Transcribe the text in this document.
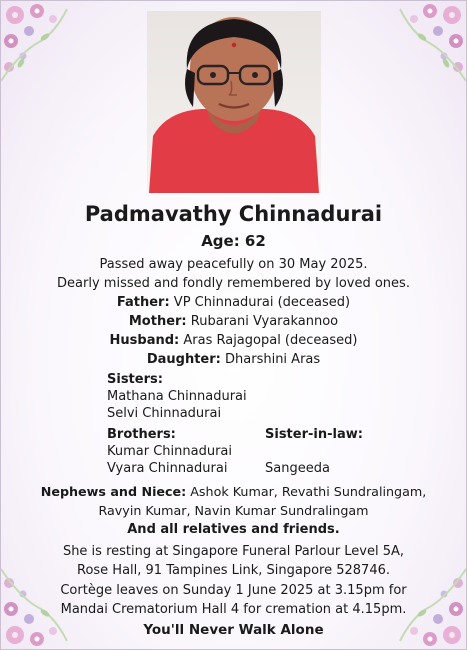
Padmavathy Chinnadurai
Age: 62
Passed away peacefully on 30 May 2025.
Dearly missed and fondly remembered by loved ones.
Father: VP Chinnadurai (deceased)
Mother: Rubarani Vyarakannoo
Husband: Aras Rajagopal (deceased)
Daughter: Dharshini Aras
Sisters:
Mathana Chinnadurai
Selvi Chinnadurai
Brothers:
Kumar Chinnadurai
Vyara Chinnadurai
Sister-in-law:
Sangeeda
Nephews and Niece: Ashok Kumar, Revathi Sundralingam,
Ravyin Kumar, Navin Kumar Sundralingam
And all relatives and friends.
She is resting at Singapore Funeral Parlour Level 5A,
Rose Hall, 91 Tampines Link, Singapore 528746.
Cortège leaves on Sunday 1 June 2025 at 3.15pm for
Mandai Crematorium Hall 4 for cremation at 4.15pm.
You'll Never Walk Alone
